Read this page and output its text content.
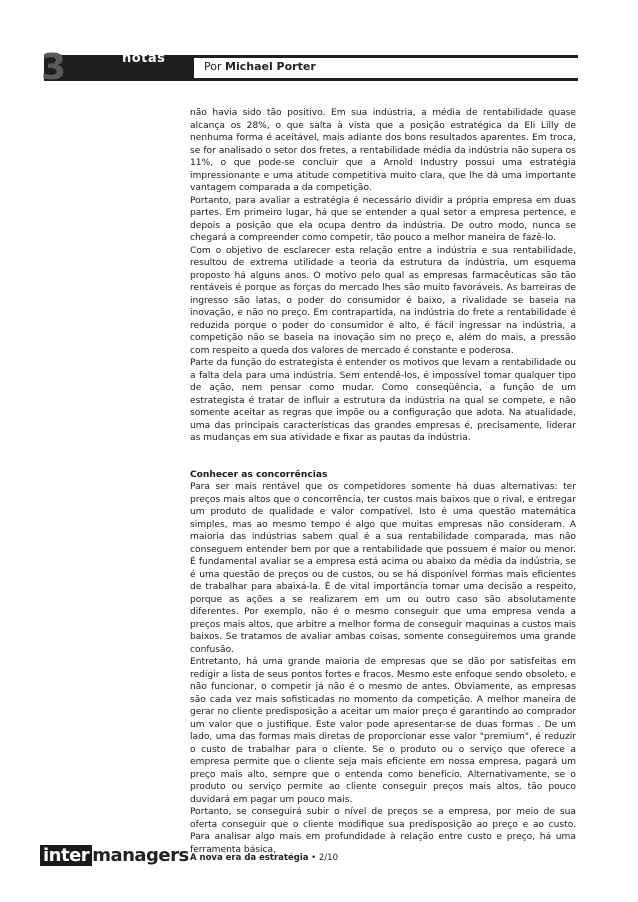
3	notas
Por Michael Porter

não havia sido tão positivo. Em sua indústria, a média de rentabilidade quase alcança os 28%, o que salta à vista que a posição estratégica da Eli Lilly de nenhuma forma é aceitável, mais adiante dos bons resultados aparentes. Em troca, se for analisado o setor dos fretes, a rentabilidade média da indústria não supera os 11%, o que pode-se concluir que a Arnold Industry possui uma estratégia impressionante e uma atitude competitiva muito clara, que lhe dá uma importante vantagem comparada a da competição.

Portanto, para avaliar a estratégia é necessário dividir a própria empresa em duas partes. Em primeiro lugar, há que se entender a qual setor a empresa pertence, e depois a posição que ela ocupa dentro da indústria. De outro modo, nunca se chegará a compreender como competir, tão pouco a melhor maneira de fazê-lo.

Com o objetivo de esclarecer esta relação entre a indústria e sua rentabilidade, resultou de extrema utilidade a teoria da estrutura da indústria, um esquema proposto há alguns anos. O motivo pelo qual as empresas farmacêuticas são tão rentáveis é porque as forças do mercado lhes são muito favoráveis. As barreiras de ingresso são latas, o poder do consumidor é baixo, a rivalidade se baseia na inovação, e não no preço. Em contrapartida, na indústria do frete a rentabilidade é reduzida porque o poder do consumidor é alto, é fácil ingressar na indústria, a competição não se baseia na inovação sim no preço e, além do mais, a pressão com respeito a queda dos valores de mercado é constante e poderosa.

Parte da função do estrategista é entender os motivos que levam a rentabilidade ou a falta dela para uma indústria. Sem entendê-los, é impossível tomar qualquer tipo de ação, nem pensar como mudar. Como conseqüência, a função de um estrategista é tratar de influir a estrutura da indústria na qual se compete, e não somente aceitar as regras que impõe ou a configuração que adota. Na atualidade, uma das principais características das grandes empresas é, precisamente, liderar as mudanças em sua atividade e fixar as pautas da indústria.

Conhecer as concorrências

Para ser mais rentável que os competidores somente há duas alternativas: ter preços mais altos que o concorrência, ter custos mais baixos que o rival, e entregar um produto de qualidade e valor compatível. Isto é uma questão matemática simples, mas ao mesmo tempo é algo que muitas empresas não consideram. A maioria das indústrias sabem qual é a sua rentabilidade comparada, mas não conseguem entender bem por que a rentabilidade que possuem é maior ou menor. É fundamental avaliar se a empresa está acima ou abaixo da média da indústria, se é uma questão de preços ou de custos, ou se há disponível formas mais eficientes de trabalhar para abaixá-la. É de vital importância tomar uma decisão a respeito, porque as ações a se realizarem em um ou outro caso são absolutamente diferentes. Por exemplo, não é o mesmo conseguir que uma empresa venda a preços mais altos, que arbitre a melhor forma de conseguir maquinas a custos mais baixos. Se tratamos de avaliar ambas coisas, somente conseguiremos uma grande confusão.

Entretanto, há uma grande maioria de empresas que se dão por satisfeitas em redigir a lista de seus pontos fortes e fracos. Mesmo este enfoque sendo obsoleto, e não funcionar, o competir já não é o mesmo de antes. Obviamente, as empresas são cada vez mais sofisticadas no momento da competição. A melhor maneira de gerar no cliente predisposição a aceitar um maior preço é garantindo ao comprador um valor que o justifique. Este valor pode apresentar-se de duas formas . De um lado, uma das formas mais diretas de proporcionar esse valor "premium", é reduzir o custo de trabalhar para o cliente. Se o produto ou o serviço que oferece a empresa permite que o cliente seja mais eficiente em nossa empresa, pagará um preço mais alto, sempre que o entenda como benefício. Alternativamente, se o produto ou serviço permite ao cliente conseguir preços mais altos, tão pouco duvidará em pagar um pouco mais.

Portanto, se conseguirá subir o nível de preços se a empresa, por meio de sua oferta conseguir que o cliente modifique sua predisposição ao preço e ao custo. Para analisar algo mais em profundidade à relação entre custo e preço, há uma ferramenta básica,

inter managers A nova era da estratégia • 2/10
